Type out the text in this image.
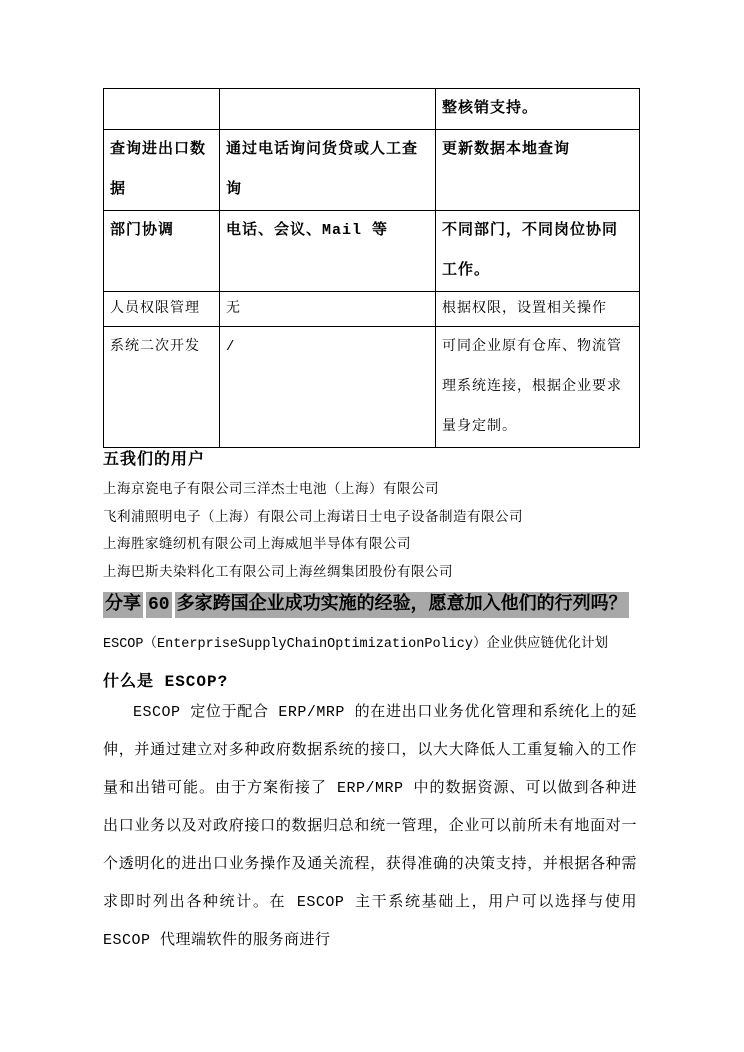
		整核销支持。
查询进出口数据	通过电话询问货贷或人工查询	更新数据本地查询
部门协调	电话、会议、Mail 等	不同部门，不同岗位协同工作。
人员权限管理	无	根据权限，设置相关操作
系统二次开发	/	可同企业原有仓库、物流管理系统连接，根据企业要求量身定制。
五我们的用户
上海京瓷电子有限公司三洋杰士电池（上海）有限公司
飞利浦照明电子（上海）有限公司上海诺日士电子设备制造有限公司
上海胜家缝纫机有限公司上海威旭半导体有限公司
上海巴斯夫染料化工有限公司上海丝绸集团股份有限公司
分享 60 多家跨国企业成功实施的经验，愿意加入他们的行列吗？
ESCOP（EnterpriseSupplyChainOptimizationPolicy）企业供应链优化计划
什么是 ESCOP?

ESCOP 定位于配合 ERP/MRP 的在进出口业务优化管理和系统化上的延伸，并通过建立对多种政府数据系统的接口，以大大降低人工重复输入的工作量和出错可能。由于方案衔接了 ERP/MRP 中的数据资源、可以做到各种进出口业务以及对政府接口的数据归总和统一管理，企业可以前所未有地面对一个透明化的进出口业务操作及通关流程，获得准确的决策支持，并根据各种需求即时列出各种统计。在 ESCOP 主干系统基础上，用户可以选择与使用 ESCOP 代理端软件的服务商进行
